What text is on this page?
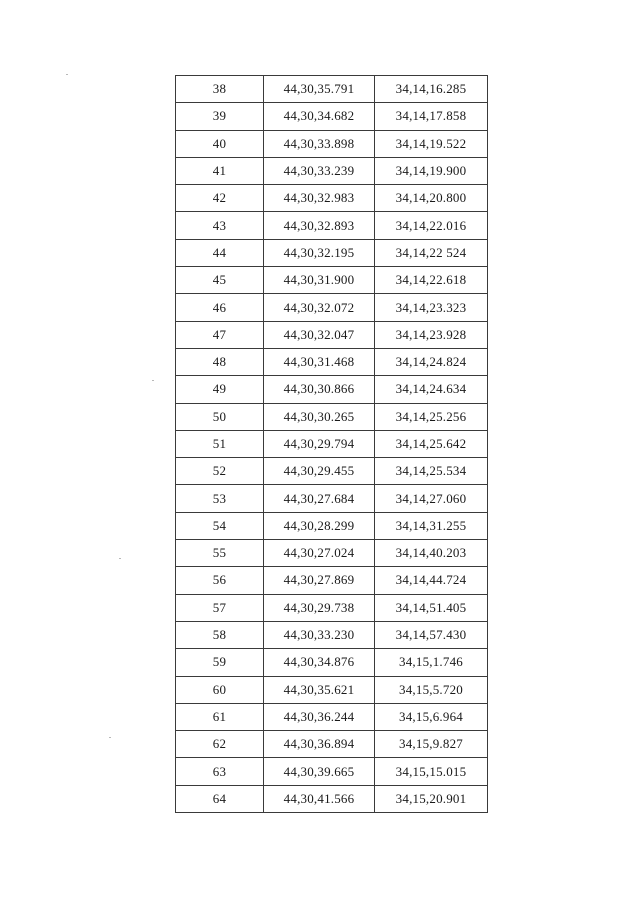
38	44,30,35.791	34,14,16.285
39	44,30,34.682	34,14,17.858
40	44,30,33.898	34,14,19.522
41	44,30,33.239	34,14,19.900
42	44,30,32.983	34,14,20.800
43	44,30,32.893	34,14,22.016
44	44,30,32.195	34,14,22 524
45	44,30,31.900	34,14,22.618
46	44,30,32.072	34,14,23.323
47	44,30,32.047	34,14,23.928
48	44,30,31.468	34,14,24.824
49	44,30,30.866	34,14,24.634
50	44,30,30.265	34,14,25.256
51	44,30,29.794	34,14,25.642
52	44,30,29.455	34,14,25.534
53	44,30,27.684	34,14,27.060
54	44,30,28.299	34,14,31.255
55	44,30,27.024	34,14,40.203
56	44,30,27.869	34,14,44.724
57	44,30,29.738	34,14,51.405
58	44,30,33.230	34,14,57.430
59	44,30,34.876	34,15,1.746
60	44,30,35.621	34,15,5.720
61	44,30,36.244	34,15,6.964
62	44,30,36.894	34,15,9.827
63	44,30,39.665	34,15,15.015
64	44,30,41.566	34,15,20.901
